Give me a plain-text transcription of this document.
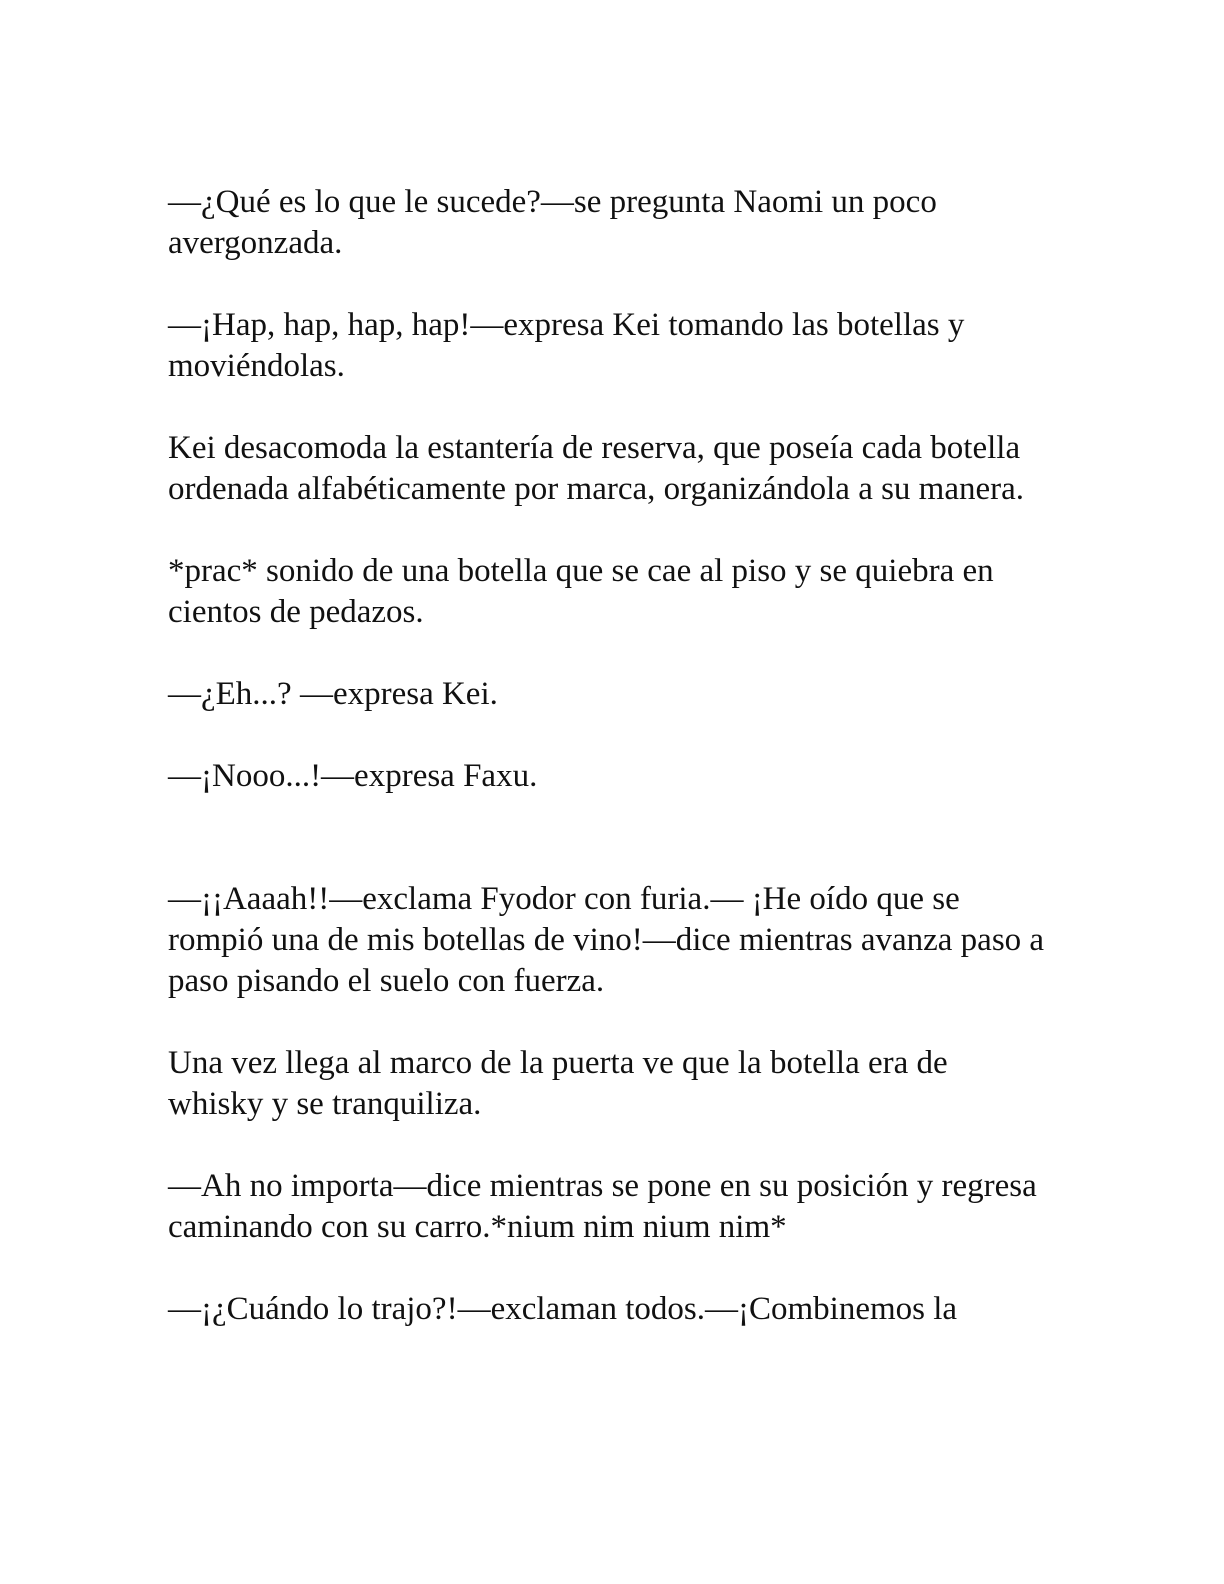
—¿Qué es lo que le sucede?—se pregunta Naomi un poco avergonzada.

—¡Hap, hap, hap, hap!—expresa Kei tomando las botellas y moviéndolas.

Kei desacomoda la estantería de reserva, que poseía cada botella ordenada alfabéticamente por marca, organizándola a su manera.

*prac* sonido de una botella que se cae al piso y se quiebra en cientos de pedazos.

—¿Eh...? —expresa Kei.

—¡Nooo...!—expresa Faxu.

—¡¡Aaaah!!—exclama Fyodor con furia.— ¡He oído que se rompió una de mis botellas de vino!—dice mientras avanza paso a paso pisando el suelo con fuerza.

Una vez llega al marco de la puerta ve que la botella era de whisky y se tranquiliza.

—Ah no importa—dice mientras se pone en su posición y regresa caminando con su carro.*nium nim nium nim*

—¡¿Cuándo lo trajo?!—exclaman todos.—¡Combinemos la
